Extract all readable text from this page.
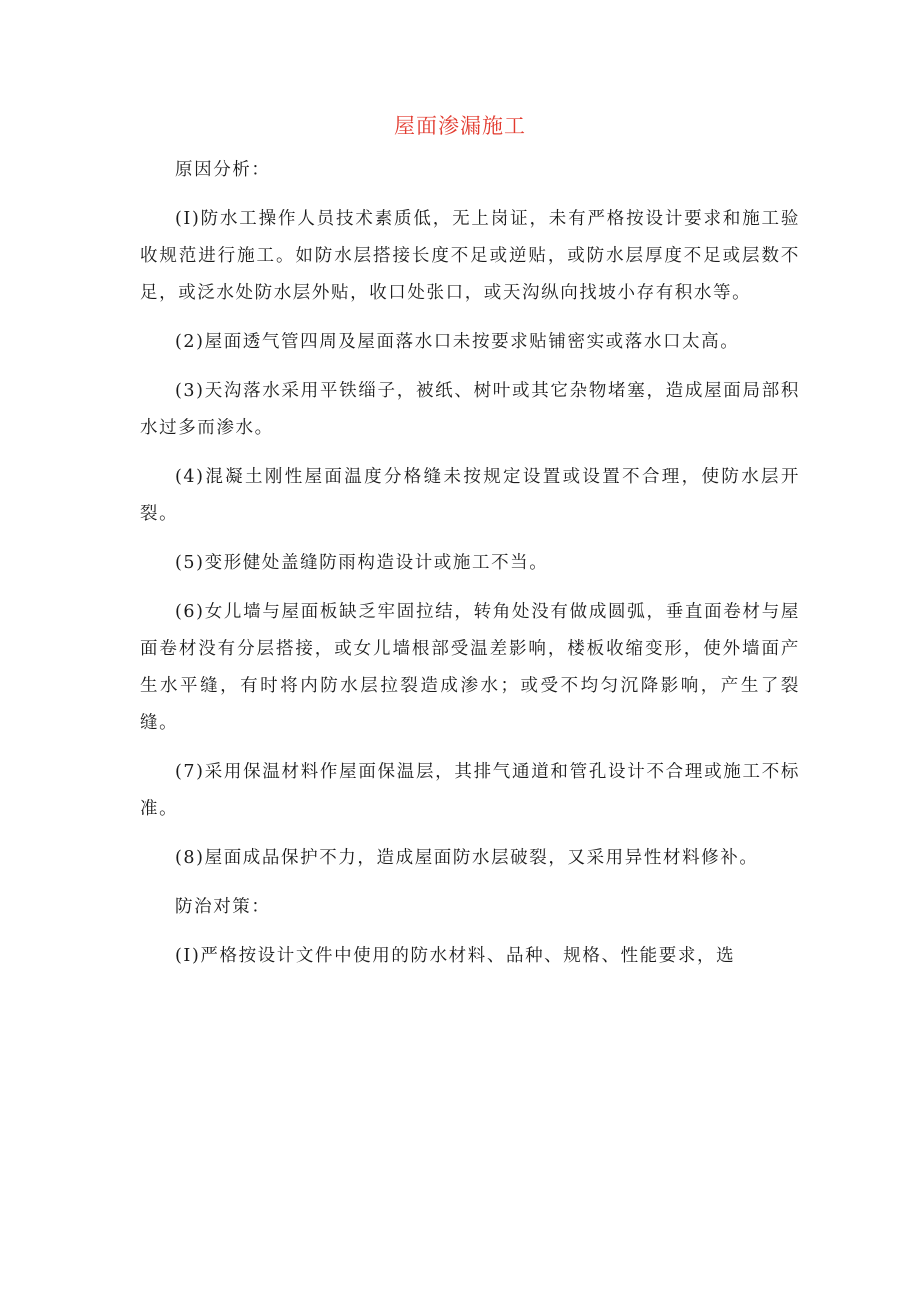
屋面渗漏施工

原因分析：

(I)防水工操作人员技术素质低，无上岗证，未有严格按设计要求和施工验收规范进行施工。如防水层搭接长度不足或逆贴，或防水层厚度不足或层数不足，或泛水处防水层外贴，收口处张口，或天沟纵向找坡小存有积水等。

(2)屋面透气管四周及屋面落水口未按要求贴铺密实或落水口太高。

(3)天沟落水采用平铁缁子，被纸、树叶或其它杂物堵塞，造成屋面局部积水过多而渗水。

(4)混凝土刚性屋面温度分格缝未按规定设置或设置不合理，使防水层开裂。

(5)变形健处盖缝防雨构造设计或施工不当。

(6)女儿墙与屋面板缺乏牢固拉结，转角处没有做成圆弧，垂直面卷材与屋面卷材没有分层搭接，或女儿墙根部受温差影响，楼板收缩变形，使外墙面产生水平缝，有时将内防水层拉裂造成渗水；或受不均匀沉降影响，产生了裂缝。

(7)采用保温材料作屋面保温层，其排气通道和管孔设计不合理或施工不标准。

(8)屋面成品保护不力，造成屋面防水层破裂，又采用异性材料修补。

防治对策：

(I)严格按设计文件中使用的防水材料、品种、规格、性能要求，选
